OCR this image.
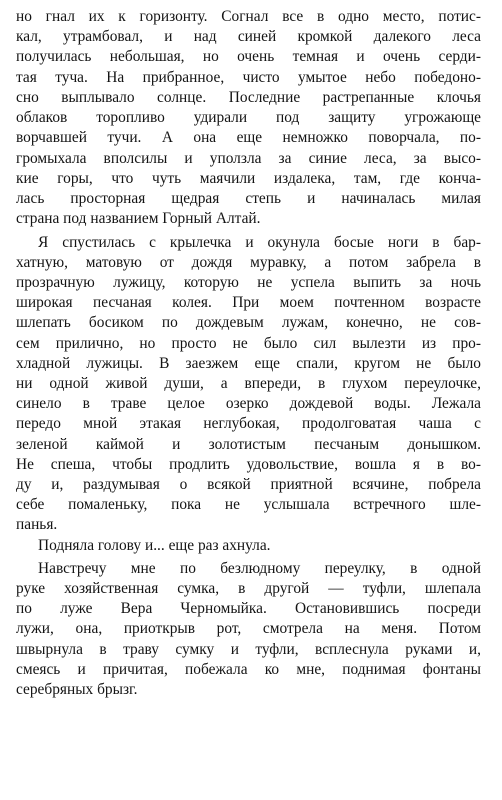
но гнал их к горизонту. Согнал все в одно место, потис-
кал, утрамбовал, и над синей кромкой далекого леса
получилась небольшая, но очень темная и очень серди-
тая туча. На прибранное, чисто умытое небо победоно-
сно выплывало солнце. Последние растрепанные клочья
облаков торопливо удирали под защиту угрожающе
ворчавшей тучи. А она еще немножко поворчала, по-
громыхала вполсилы и уползла за синие леса, за высо-
кие горы, что чуть маячили издалека, там, где конча-
лась просторная щедрая степь и начиналась милая
страна под названием Горный Алтай.
Я спустилась с крылечка и окунула босые ноги в бар-
хатную, матовую от дождя муравку, а потом забрела в
прозрачную лужицу, которую не успела выпить за ночь
широкая песчаная колея. При моем почтенном возрасте
шлепать босиком по дождевым лужам, конечно, не сов-
сем прилично, но просто не было сил вылезти из про-
хладной лужицы. В заезжем еще спали, кругом не было
ни одной живой души, а впереди, в глухом переулочке,
синело в траве целое озерко дождевой воды. Лежала
передо мной этакая неглубокая, продолговатая чаша с
зеленой каймой и золотистым песчаным донышком.
Не спеша, чтобы продлить удовольствие, вошла я в во-
ду и, раздумывая о всякой приятной всячине, побрела
себе помаленьку, пока не услышала встречного шле-
панья.
Подняла голову и... еще раз ахнула.
Навстречу мне по безлюдному переулку, в одной
руке хозяйственная сумка, в другой — туфли, шлепала
по луже Вера Черномыйка. Остановившись посреди
лужи, она, приоткрыв рот, смотрела на меня. Потом
швырнула в траву сумку и туфли, всплеснула руками и,
смеясь и причитая, побежала ко мне, поднимая фонтаны
серебряных брызг.
